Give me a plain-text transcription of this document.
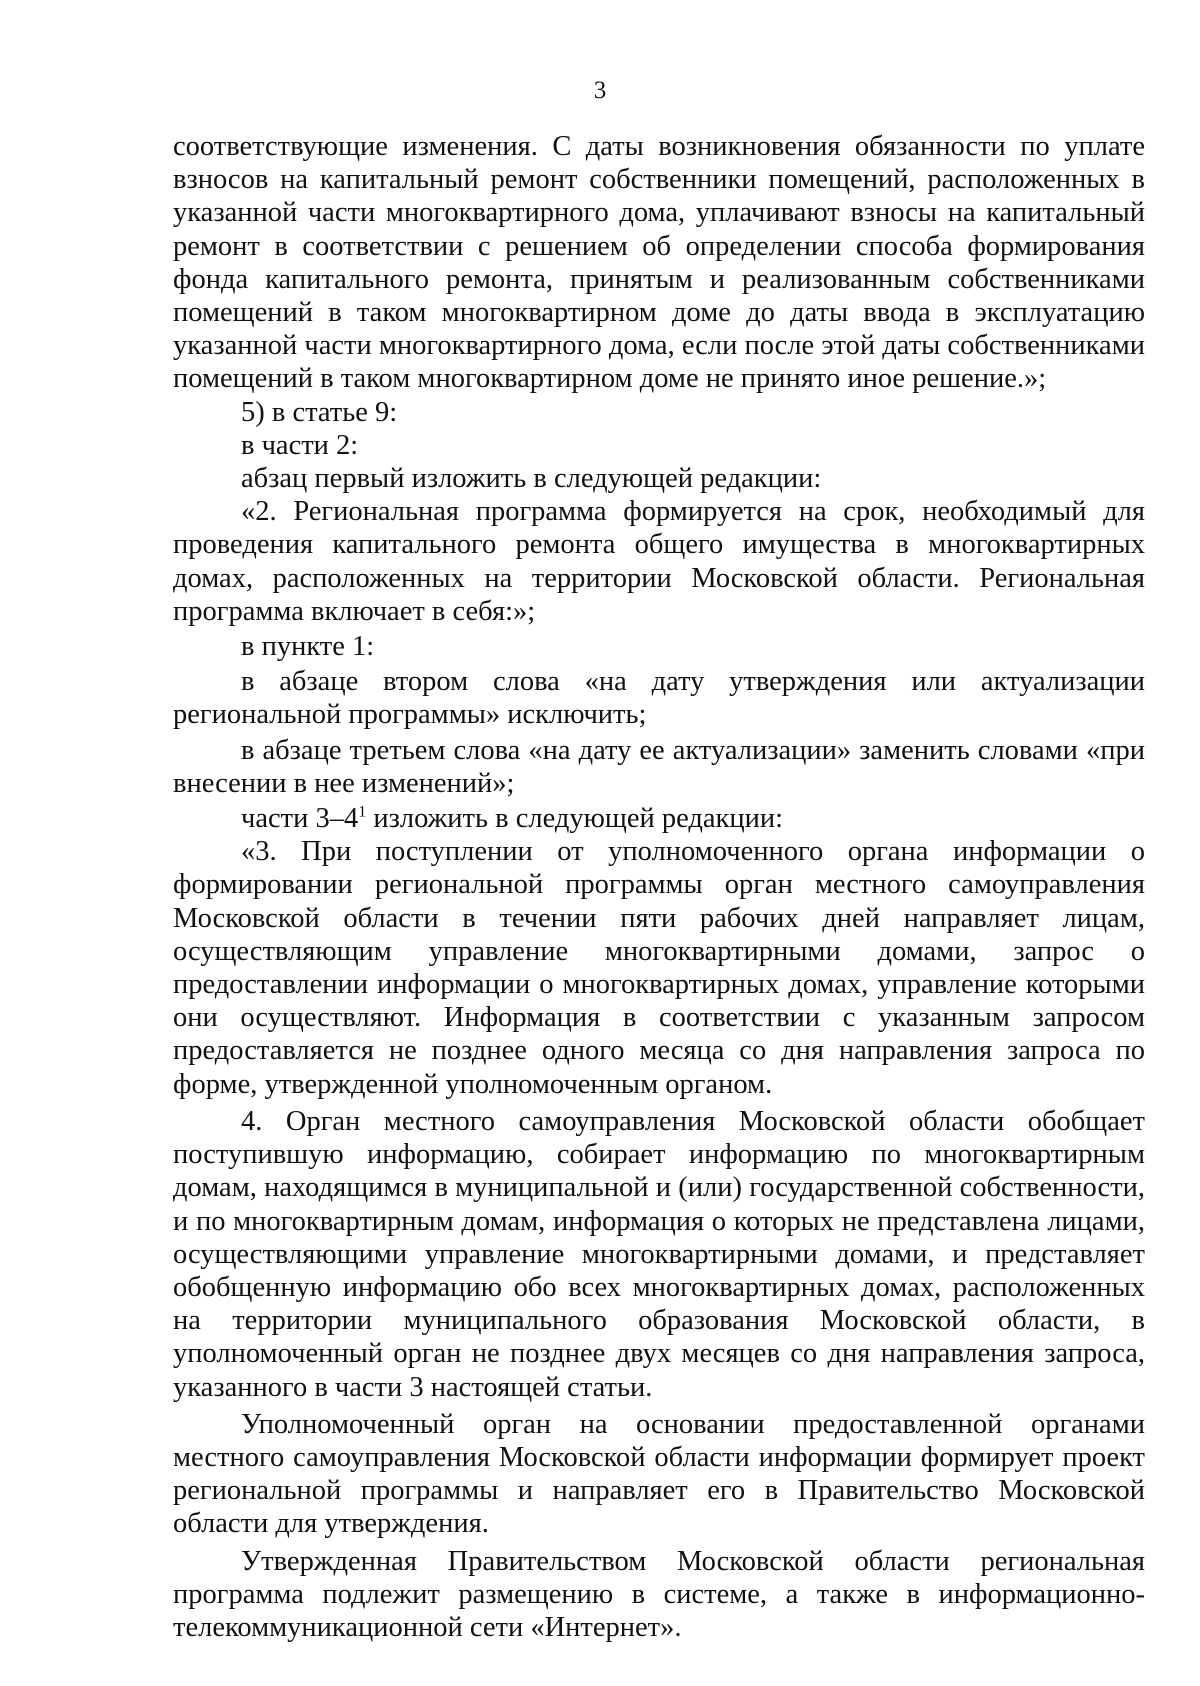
3

соответствующие изменения. С даты возникновения обязанности по уплате взносов на капитальный ремонт собственники помещений, расположенных в указанной части многоквартирного дома, уплачивают взносы на капитальный ремонт в соответствии с решением об определении способа формирования фонда капитального ремонта, принятым и реализованным собственниками помещений в таком многоквартирном доме до даты ввода в эксплуатацию указанной части многоквартирного дома, если после этой даты собственниками помещений в таком многоквартирном доме не принято иное решение.»;

5) в статье 9:

в части 2:

абзац первый изложить в следующей редакции:

«2. Региональная программа формируется на срок, необходимый для проведения капитального ремонта общего имущества в многоквартирных домах, расположенных на территории Московской области. Региональная программа включает в себя:»;

в пункте 1:

в абзаце втором слова «на дату утверждения или актуализации региональной программы» исключить;

в абзаце третьем слова «на дату ее актуализации» заменить словами «при внесении в нее изменений»;

части $3-4^1$ изложить в следующей редакции:

«3. При поступлении от уполномоченного органа информации о формировании региональной программы орган местного самоуправления Московской области в течении пяти рабочих дней направляет лицам, осуществляющим управление многоквартирными домами, запрос о предоставлении информации о многоквартирных домах, управление которыми они осуществляют. Информация в соответствии с указанным запросом предоставляется не позднее одного месяца со дня направления запроса по форме, утвержденной уполномоченным органом.

4. Орган местного самоуправления Московской области обобщает поступившую информацию, собирает информацию по многоквартирным домам, находящимся в муниципальной и (или) государственной собственности, и по многоквартирным домам, информация о которых не представлена лицами, осуществляющими управление многоквартирными домами, и представляет обобщенную информацию обо всех многоквартирных домах, расположенных на территории муниципального образования Московской области, в уполномоченный орган не позднее двух месяцев со дня направления запроса, указанного в части 3 настоящей статьи.

Уполномоченный орган на основании предоставленной органами местного самоуправления Московской области информации формирует проект региональной программы и направляет его в Правительство Московской области для утверждения.

Утвержденная Правительством Московской области региональная программа подлежит размещению в системе, а также в информационно-телекоммуникационной сети «Интернет».
